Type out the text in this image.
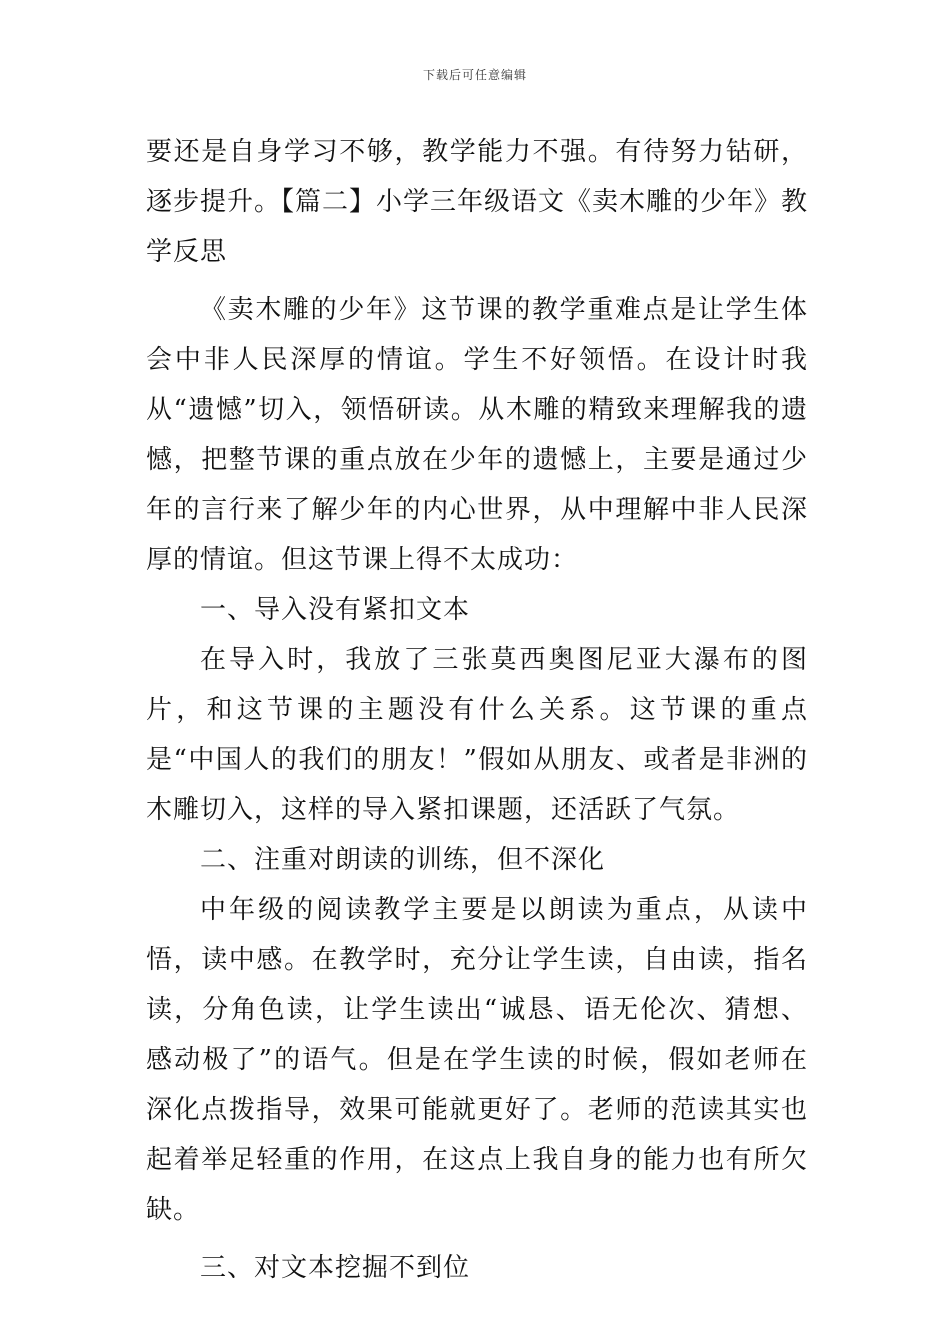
下载后可任意编辑

要还是自身学习不够，教学能力不强。有待努力钻研，逐步提升。【篇二】小学三年级语文《卖木雕的少年》教学反思

《卖木雕的少年》这节课的教学重难点是让学生体会中非人民深厚的情谊。学生不好领悟。在设计时我从“遗憾”切入，领悟研读。从木雕的精致来理解我的遗憾，把整节课的重点放在少年的遗憾上，主要是通过少年的言行来了解少年的内心世界，从中理解中非人民深厚的情谊。但这节课上得不太成功：

一、导入没有紧扣文本

在导入时，我放了三张莫西奥图尼亚大瀑布的图片，和这节课的主题没有什么关系。这节课的重点是“中国人的我们的朋友！”假如从朋友、或者是非洲的木雕切入，这样的导入紧扣课题，还活跃了气氛。

二、注重对朗读的训练，但不深化

中年级的阅读教学主要是以朗读为重点，从读中悟，读中感。在教学时，充分让学生读，自由读，指名读，分角色读，让学生读出“诚恳、语无伦次、猜想、感动极了”的语气。但是在学生读的时候，假如老师在深化点拨指导，效果可能就更好了。老师的范读其实也起着举足轻重的作用，在这点上我自身的能力也有所欠缺。

三、对文本挖掘不到位
